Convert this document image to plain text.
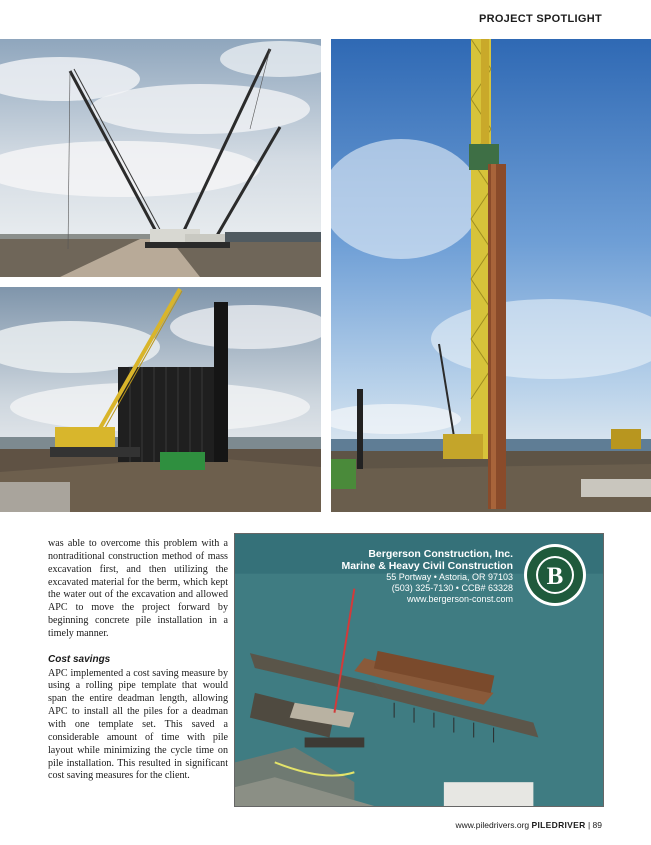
PROJECT SPOTLIGHT

was able to overcome this problem with a nontraditional construction method of mass excavation first, and then utilizing the excavated material for the berm, which kept the water out of the excavation and allowed APC to move the project forward by beginning concrete pile installation in a timely manner.

Cost savings

APC implemented a cost saving measure by using a rolling pipe template that would span the entire deadman length, allowing APC to install all the piles for a deadman with one template set. This saved a considerable amount of time with pile layout while minimizing the cycle time on pile installation. This resulted in significant cost saving measures for the client.

Bergerson Construction, Inc.
Marine & Heavy Civil Construction
55 Portway • Astoria, OR 97103
(503) 325-7130 • CCB# 63328
www.bergerson-const.com
B
www.piledrivers.org PILEDRIVER | 89
